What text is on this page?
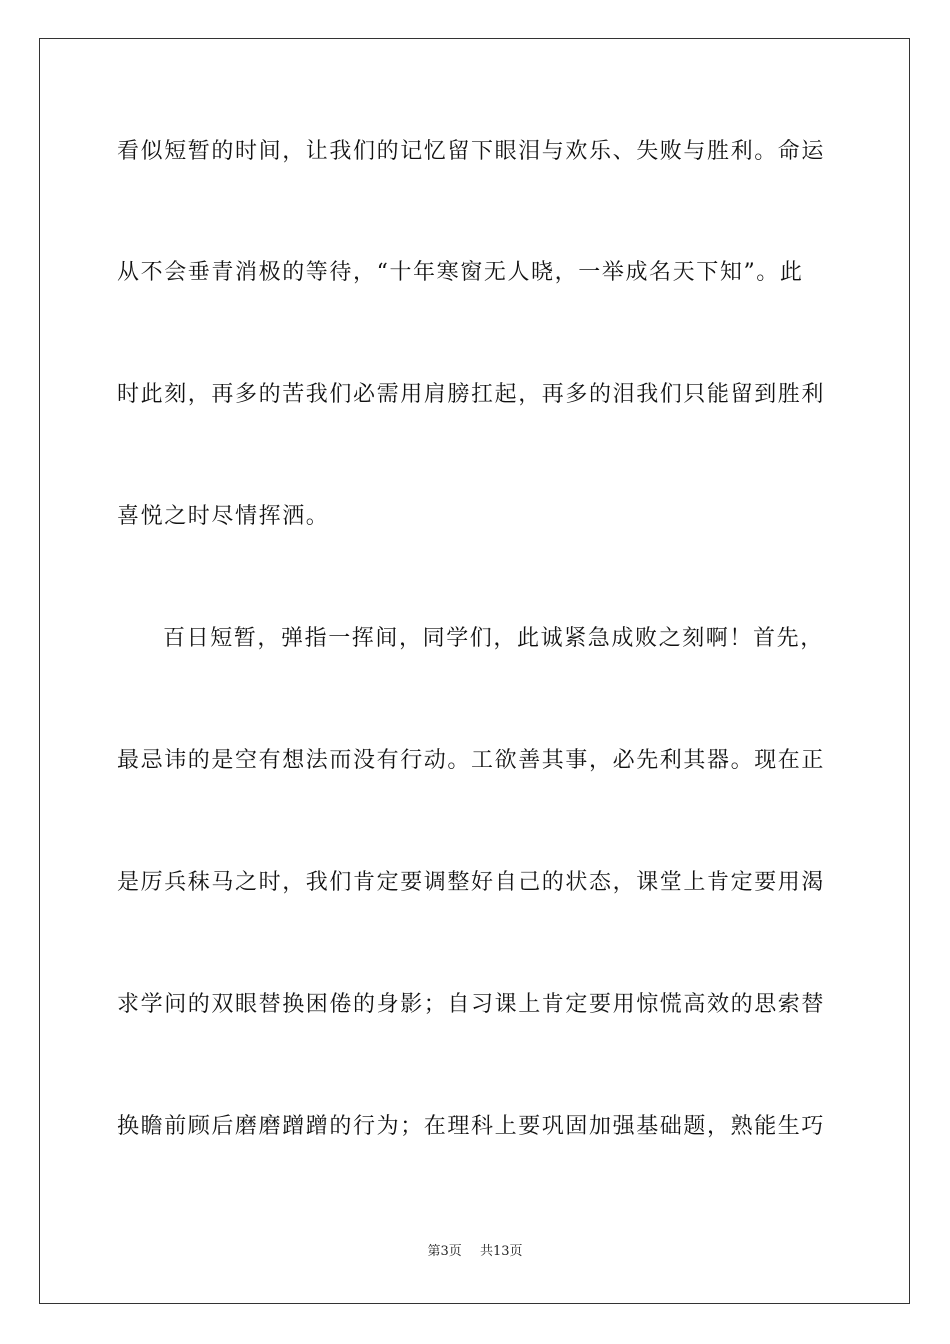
看似短暂的时间，让我们的记忆留下眼泪与欢乐、失败与胜利。命运
从不会垂青消极的等待，“十年寒窗无人晓，一举成名天下知”。此
时此刻，再多的苦我们必需用肩膀扛起，再多的泪我们只能留到胜利
喜悦之时尽情挥洒。
百日短暂，弹指一挥间，同学们，此诚紧急成败之刻啊！首先，
最忌讳的是空有想法而没有行动。工欲善其事，必先利其器。现在正
是厉兵秣马之时，我们肯定要调整好自己的状态，课堂上肯定要用渴
求学问的双眼替换困倦的身影；自习课上肯定要用惊慌高效的思索替
换瞻前顾后磨磨蹭蹭的行为；在理科上要巩固加强基础题，熟能生巧
第3页 共13页
